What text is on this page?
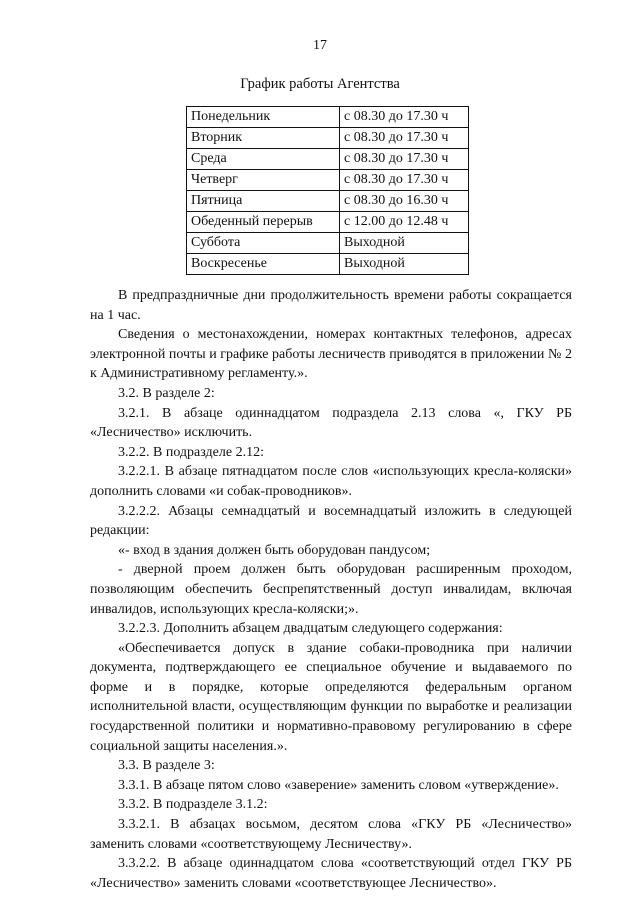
17
График работы Агентства
Понедельник	с 08.30 до 17.30 ч
Вторник	с 08.30 до 17.30 ч
Среда	с 08.30 до 17.30 ч
Четверг	с 08.30 до 17.30 ч
Пятница	с 08.30 до 16.30 ч
Обеденный перерыв	с 12.00 до 12.48 ч
Суббота	Выходной
Воскресенье	Выходной

В предпраздничные дни продолжительность времени работы сокращается на 1 час.

Сведения о местонахождении, номерах контактных телефонов, адресах электронной почты и графике работы лесничеств приводятся в приложении № 2 к Административному регламенту.».

3.2. В разделе 2:

3.2.1. В абзаце одиннадцатом подраздела 2.13 слова «, ГКУ РБ «Лесничество» исключить.

3.2.2. В подразделе 2.12:

3.2.2.1. В абзаце пятнадцатом после слов «использующих кресла-коляски» дополнить словами «и собак-проводников».

3.2.2.2. Абзацы семнадцатый и восемнадцатый изложить в следующей редакции:

«- вход в здания должен быть оборудован пандусом;

- дверной проем должен быть оборудован расширенным проходом, позволяющим обеспечить беспрепятственный доступ инвалидам, включая инвалидов, использующих кресла-коляски;».

3.2.2.3. Дополнить абзацем двадцатым следующего содержания:

«Обеспечивается допуск в здание собаки-проводника при наличии документа, подтверждающего ее специальное обучение и выдаваемого по форме и в порядке, которые определяются федеральным органом исполнительной власти, осуществляющим функции по выработке и реализации государственной политики и нормативно-правовому регулированию в сфере социальной защиты населения.».

3.3. В разделе 3:

3.3.1. В абзаце пятом слово «заверение» заменить словом «утверждение».

3.3.2. В подразделе 3.1.2:

3.3.2.1. В абзацах восьмом, десятом слова «ГКУ РБ «Лесничество» заменить словами «соответствующему Лесничеству».

3.3.2.2. В абзаце одиннадцатом слова «соответствующий отдел ГКУ РБ «Лесничество» заменить словами «соответствующее Лесничество».
